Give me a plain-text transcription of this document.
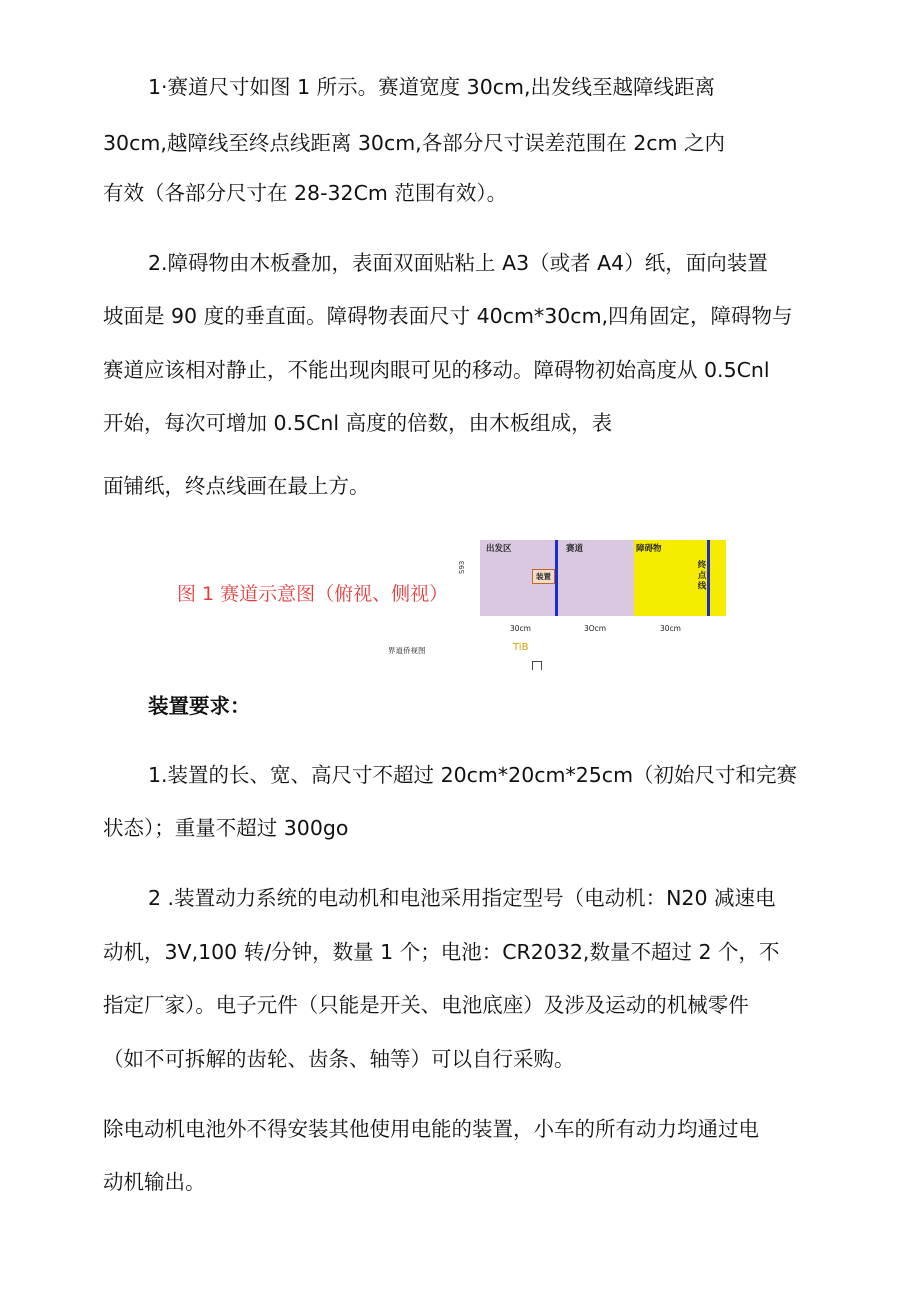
1·赛道尺寸如图 1 所示。赛道宽度 30cm,出发线至越障线距离

30cm,越障线至终点线距离 30cm,各部分尺寸误差范围在 2cm 之内

有效（各部分尺寸在 28-32Cm 范围有效）。

2.障碍物由木板叠加，表面双面贴粘上 A3（或者 A4）纸，面向装置

坡面是 90 度的垂直面。障碍物表面尺寸 40cm*30cm,四角固定，障碍物与

赛道应该相对静止，不能出现肉眼可见的移动。障碍物初始高度从 0.5Cnl

开始，每次可增加 0.5Cnl 高度的倍数，由木板组成，表

面铺纸，终点线画在最上方。

图 1 赛道示意图（俯视、侧视）
S93
出发区
装置
赛道	障碍物
终点线
30cm	3Ocm	30cm
界道侨视图	TiB

装置要求：

1.装置的长、宽、高尺寸不超过 20cm*20cm*25cm（初始尺寸和完赛

状态）；重量不超过 300go

2 .装置动力系统的电动机和电池采用指定型号（电动机：N20 减速电

动机，3V,100 转/分钟，数量 1 个；电池：CR2032,数量不超过 2 个，不

指定厂家）。电子元件（只能是开关、电池底座）及涉及运动的机械零件

（如不可拆解的齿轮、齿条、轴等）可以自行采购。

除电动机电池外不得安装其他使用电能的装置，小车的所有动力均通过电

动机输出。
